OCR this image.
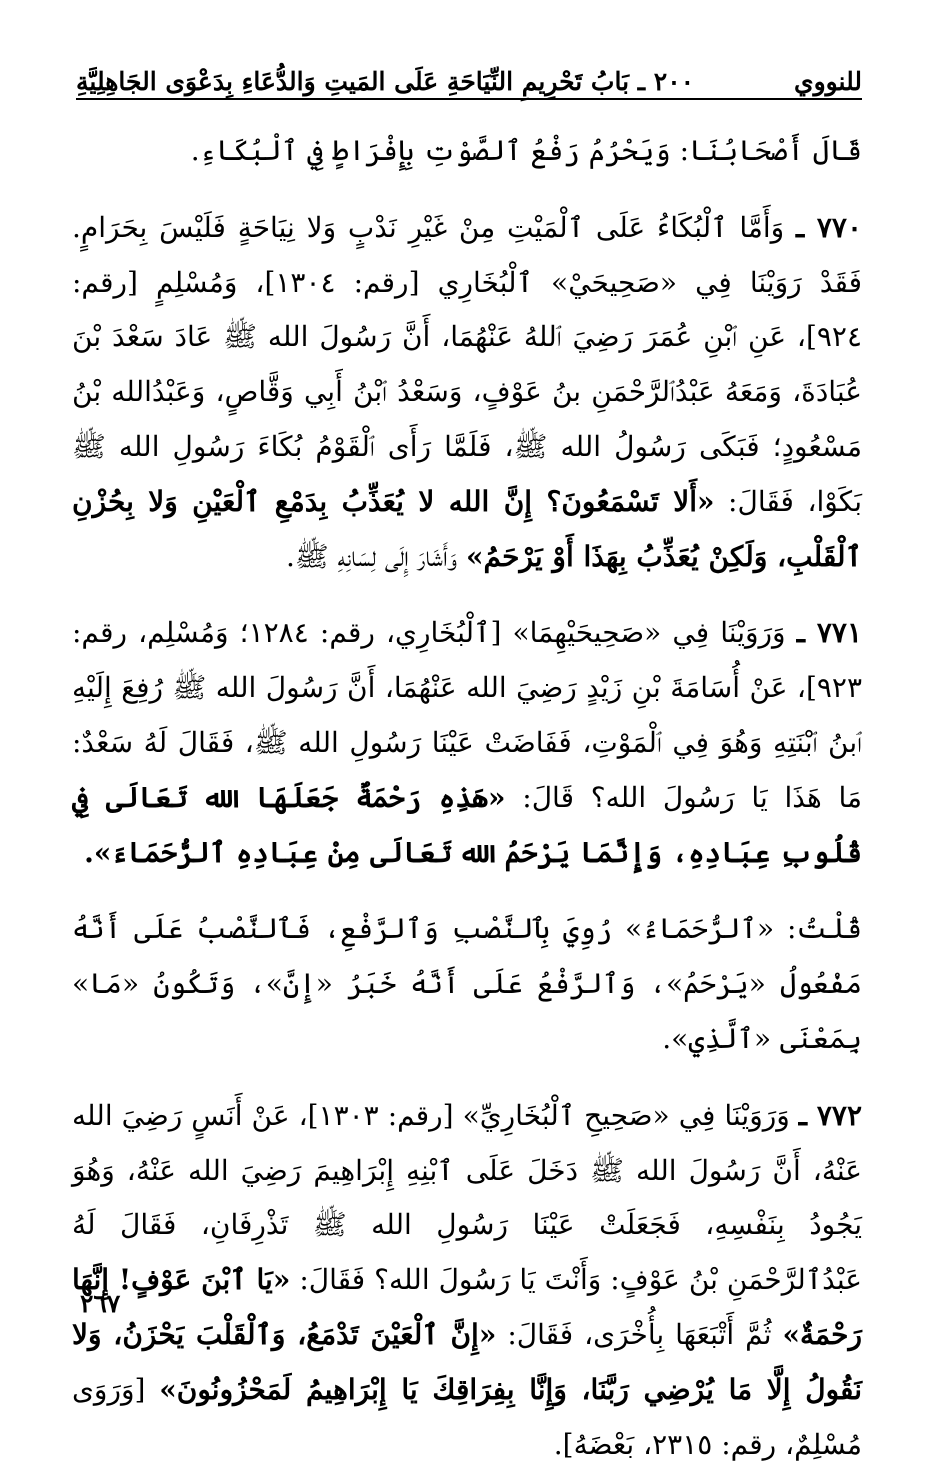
للنووي
٢٠٠ ـ بَابُ تَحْرِيمِ النِّيَاحَةِ عَلَى المَيتِ وَالدُّعَاءِ بِدَعْوَى الجَاهِلِيَّةِ

قَالَ أَصْحَابُنَا: وَيَحْرُمُ رَفْعُ ٱلصَّوْتِ بِإِفْرَاطٍ فِي ٱلْبُكَاءِ.

٧٧٠ ـ وَأَمَّا ٱلْبُكَاءُ عَلَى ٱلْمَيْتِ مِنْ غَيْرِ نَدْبٍ وَلا نِيَاحَةٍ فَلَيْسَ بِحَرَامٍ. فَقَدْ رَوَيْنَا فِي «صَحِيحَيْ» ٱلْبُخَارِي [رقم: ١٣٠٤]، وَمُسْلِمٍ [رقم: ٩٢٤]، عَنِ ٱبْنِ عُمَرَ رَضِيَ ٱللهُ عَنْهُمَا، أَنَّ رَسُولَ الله ﷺ عَادَ سَعْدَ بْنَ عُبَادَةَ، وَمَعَهُ عَبْدُٱلرَّحْمَنِ بنُ عَوْفٍ، وَسَعْدُ ٱبْنُ أَبِي وَقَّاصٍ، وَعَبْدُالله بْنُ مَسْعُودٍ؛ فَبَكَى رَسُولُ الله ﷺ، فَلَمَّا رَأَى ٱلْقَوْمُ بُكَاءَ رَسُولِ الله ﷺ بَكَوْا، فَقَالَ: «أَلا تَسْمَعُونَ؟ إِنَّ الله لا يُعَذِّبُ بِدَمْعِ ٱلْعَيْنِ وَلا بِحُزْنِ ٱلْقَلْبِ، وَلَكِنْ يُعَذِّبُ بِهَذَا أَوْ يَرْحَمُ» وَأَشَارَ إِلَى لِسَانِهِ ﷺ.

٧٧١ ـ وَرَوَيْنَا فِي «صَحِيحَيْهِمَا» [ٱلْبُخَارِي، رقم: ١٢٨٤؛ وَمُسْلِم، رقم: ٩٢٣]، عَنْ أُسَامَةَ بْنِ زَيْدٍ رَضِيَ الله عَنْهُمَا، أَنَّ رَسُولَ الله ﷺ رُفِعَ إِلَيْهِ ٱبنُ ٱبْنَتِهِ وَهُوَ فِي ٱلْمَوْتِ، فَفَاضَتْ عَيْنَا رَسُولِ الله ﷺ، فَقَالَ لَهُ سَعْدٌ: مَا هَذَا يَا رَسُولَ الله؟ قَالَ: «هَذِهِ رَحْمَةٌ جَعَلَهَا الله تَعَالَى فِي قُلُوبِ عِبَادِهِ، وَإِنَّمَا يَرْحَمُ الله تَعَالَى مِنْ عِبَادِهِ ٱلرُّحَمَاءَ».

قُلْتُ: «ٱلرُّحَمَاءُ» رُوِيَ بِٱلنَّصْبِ وَٱلرَّفْعِ، فَٱلنَّصْبُ عَلَى أَنَّهُ مَفْعُولُ «يَرْحَمُ»، وَٱلرَّفْعُ عَلَى أَنَّهُ خَبَرُ «إِنَّ»، وَتَكُونُ «مَا» بِمَعْنَى «ٱلَّذِي».

٧٧٢ ـ وَرَوَيْنَا فِي «صَحِيحِ ٱلْبُخَارِيِّ» [رقم: ١٣٠٣]، عَنْ أَنَسٍ رَضِيَ الله عَنْهُ، أَنَّ رَسُولَ الله ﷺ دَخَلَ عَلَى ٱبْنِهِ إِبْرَاهِيمَ رَضِيَ الله عَنْهُ، وَهُوَ يَجُودُ بِنَفْسِهِ، فَجَعَلَتْ عَيْنَا رَسُولِ الله ﷺ تَذْرِفَانِ، فَقَالَ لَهُ عَبْدُٱلرَّحْمَنِ بْنُ عَوْفٍ: وَأَنْتَ يَا رَسُولَ الله؟ فَقَالَ: «يَا ٱبْنَ عَوْفٍ! إِنَّهَا رَحْمَةٌ» ثُمَّ أَتْبَعَهَا بِأُخْرَى، فَقَالَ: «إِنَّ ٱلْعَيْنَ تَدْمَعُ، وَٱلْقَلْبَ يَحْزَنُ، وَلا نَقُولُ إِلَّا مَا يُرْضِي رَبَّنَا، وَإِنَّا بِفِرَاقِكَ يَا إِبْرَاهِيمُ لَمَحْزُونُونَ» [وَرَوَى مُسْلِمٌ، رقم: ٢٣١٥، بَعْضَهُ].

٢٦٧
